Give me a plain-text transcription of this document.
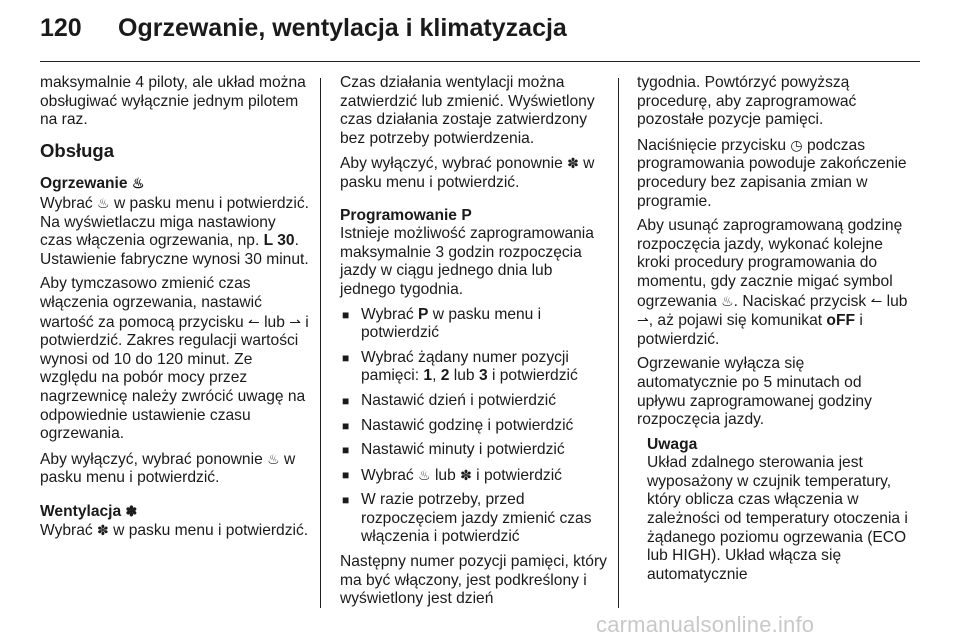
120 Ogrzewanie, wentylacja i klimatyzacja

maksymalnie 4 piloty, ale układ można obsługiwać wyłącznie jednym pilotem na raz.

Obsługa
Ogrzewanie ♨

Wybrać ♨ w pasku menu i potwierdzić. Na wyświetlaczu miga nastawiony czas włączenia ogrzewania, np. L 30. Ustawienie fabryczne wynosi 30 minut.

Aby tymczasowo zmienić czas włączenia ogrzewania, nastawić wartość za pomocą przycisku ↼ lub ⇀ i potwierdzić. Zakres regulacji wartości wynosi od 10 do 120 minut. Ze względu na pobór mocy przez nagrzewnicę należy zwrócić uwagę na odpowiednie ustawienie czasu ogrzewania.

Aby wyłączyć, wybrać ponownie ♨ w pasku menu i potwierdzić.

Wentylacja ✽

Wybrać ✽ w pasku menu i potwierdzić.

Czas działania wentylacji można zatwierdzić lub zmienić. Wyświetlony czas działania zostaje zatwierdzony bez potrzeby potwierdzenia.

Aby wyłączyć, wybrać ponownie ✽ w pasku menu i potwierdzić.

Programowanie P

Istnieje możliwość zaprogramowania maksymalnie 3 godzin rozpoczęcia jazdy w ciągu jednego dnia lub jednego tygodnia.

■ Wybrać P w pasku menu i potwierdzić
■ Wybrać żądany numer pozycji pamięci: 1, 2 lub 3 i potwierdzić
■ Nastawić dzień i potwierdzić
■ Nastawić godzinę i potwierdzić
■ Nastawić minuty i potwierdzić
■ Wybrać ♨ lub ✽ i potwierdzić
■ W razie potrzeby, przed rozpoczęciem jazdy zmienić czas włączenia i potwierdzić

Następny numer pozycji pamięci, który ma być włączony, jest podkreślony i wyświetlony jest dzień

tygodnia. Powtórzyć powyższą procedurę, aby zaprogramować pozostałe pozycje pamięci.

Naciśnięcie przycisku ◷ podczas programowania powoduje zakończenie procedury bez zapisania zmian w programie.

Aby usunąć zaprogramowaną godzinę rozpoczęcia jazdy, wykonać kolejne kroki procedury programowania do momentu, gdy zacznie migać symbol ogrzewania ♨. Naciskać przycisk ↼ lub ⇀, aż pojawi się komunikat oFF i potwierdzić.

Ogrzewanie wyłącza się automatycznie po 5 minutach od upływu zaprogramowanej godziny rozpoczęcia jazdy.

Uwaga
Układ zdalnego sterowania jest wyposażony w czujnik temperatury, który oblicza czas włączenia w zależności od temperatury otoczenia i żądanego poziomu ogrzewania (ECO lub HIGH). Układ włącza się automatycznie
carmanualsonline.info
